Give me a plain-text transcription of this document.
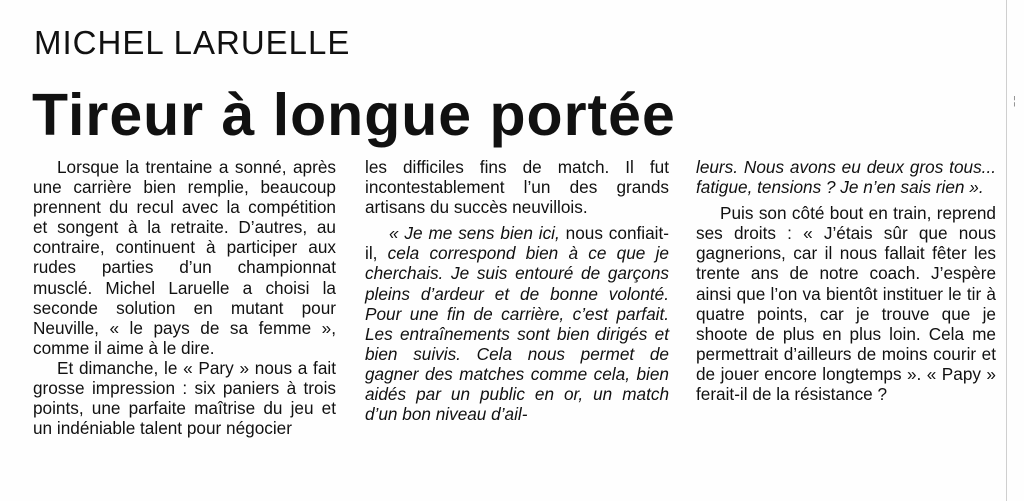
MICHEL LARUELLE
Tireur à longue portée

Lorsque la trentaine a sonné, après une carrière bien remplie, beaucoup prennent du recul avec la compétition et songent à la retraite. D’autres, au contraire, continuent à participer aux rudes parties d’un championnat musclé. Michel Laruelle a choisi la seconde solution en mutant pour Neuville, « le pays de sa femme », comme il aime à le dire.

Et dimanche, le « Pary » nous a fait grosse impression : six paniers à trois points, une parfaite maîtrise du jeu et un indéniable talent pour négocier

les difficiles fins de match. Il fut incontestablement l’un des grands artisans du succès neuvillois.

« Je me sens bien ici, nous confiait-il, cela correspond bien à ce que je cherchais. Je suis entouré de garçons pleins d’ardeur et de bonne volonté. Pour une fin de carrière, c’est parfait. Les entraînements sont bien dirigés et bien suivis. Cela nous permet de gagner des matches comme cela, bien aidés par un public en or, un match d’un bon niveau d’ail-

leurs. Nous avons eu deux gros tous... fatigue, tensions ? Je n’en sais rien ».

Puis son côté bout en train, reprend ses droits : « J’étais sûr que nous gagnerions, car il nous fallait fêter les trente ans de notre coach. J’espère ainsi que l’on va bientôt instituer le tir à quatre points, car je trouve que je shoote de plus en plus loin. Cela me permettrait d’ailleurs de moins courir et de jouer encore longtemps ». « Papy » ferait-il de la résistance ?

¦
